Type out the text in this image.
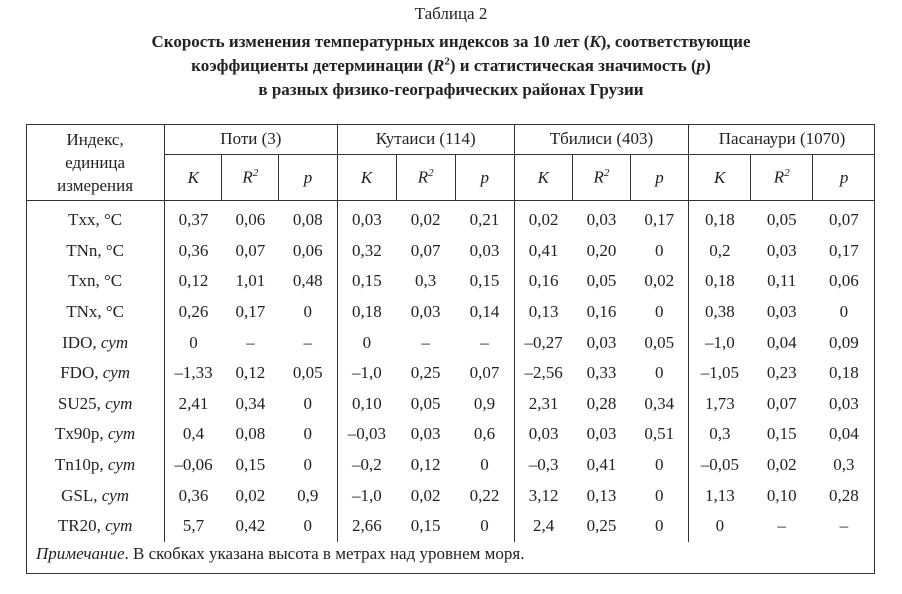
Таблица 2
Скорость изменения температурных индексов за 10 лет (K), соответствующие
коэффициенты детерминации $(R^2)$ и статистическая значимость (p)
в разных физико-географических районах Грузии
Индекс,
единица
измерения	Поти (3)			Кутаиси (114)			Тбилиси (403)			Пасанаури (1070)		
	K	$R^2$	p	K	$R^2$	p	K	$R^2$	p	K	$R^2$	p
Txx, °C	0,37	0,06	0,08	0,03	0,02	0,21	0,02	0,03	0,17	0,18	0,05	0,07
TNn, °C	0,36	0,07	0,06	0,32	0,07	0,03	0,41	0,20	0	0,2	0,03	0,17
Txn, °C	0,12	1,01	0,48	0,15	0,3	0,15	0,16	0,05	0,02	0,18	0,11	0,06
TNx, °C	0,26	0,17	0	0,18	0,03	0,14	0,13	0,16	0	0,38	0,03	0
IDO, сут	0	–	–	0	–	–	–0,27	0,03	0,05	–1,0	0,04	0,09
FDO, сут	–1,33	0,12	0,05	–1,0	0,25	0,07	–2,56	0,33	0	–1,05	0,23	0,18
SU25, сут	2,41	0,34	0	0,10	0,05	0,9	2,31	0,28	0,34	1,73	0,07	0,03
Tx90p, сут	0,4	0,08	0	–0,03	0,03	0,6	0,03	0,03	0,51	0,3	0,15	0,04
Tn10p, сут	–0,06	0,15	0	–0,2	0,12	0	–0,3	0,41	0	–0,05	0,02	0,3
GSL, сут	0,36	0,02	0,9	–1,0	0,02	0,22	3,12	0,13	0	1,13	0,10	0,28
TR20, сут	5,7	0,42	0	2,66	0,15	0	2,4	0,25	0	0	–	–
Примечание. В скобках указана высота в метрах над уровнем моря.
